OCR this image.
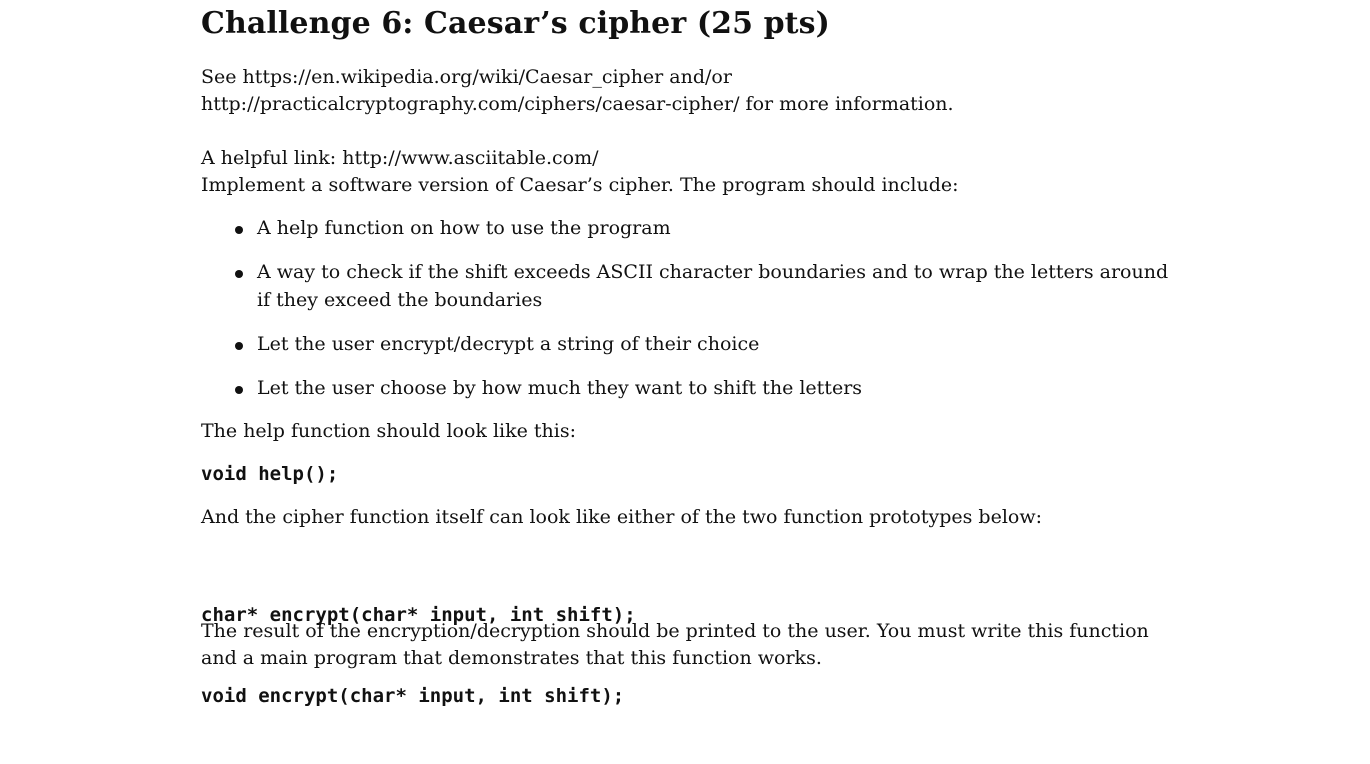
Challenge 6: Caesar’s cipher (25 pts)
See https://en.wikipedia.org/wiki/Caesar_cipher and/or
http://practicalcryptography.com/ciphers/caesar-cipher/ for more information.
A helpful link: http://www.asciitable.com/
Implement a software version of Caesar’s cipher. The program should include:
A help function on how to use the program
A way to check if the shift exceeds ASCII character boundaries and to wrap the letters around if they exceed the boundaries
Let the user encrypt/decrypt a string of their choice
Let the user choose by how much they want to shift the letters
The help function should look like this:
void help();
And the cipher function itself can look like either of the two function prototypes below:

char* encrypt(char* input, int shift);

void encrypt(char* input, int shift);

The result of the encryption/decryption should be printed to the user. You must write this function
and a main program that demonstrates that this function works.
